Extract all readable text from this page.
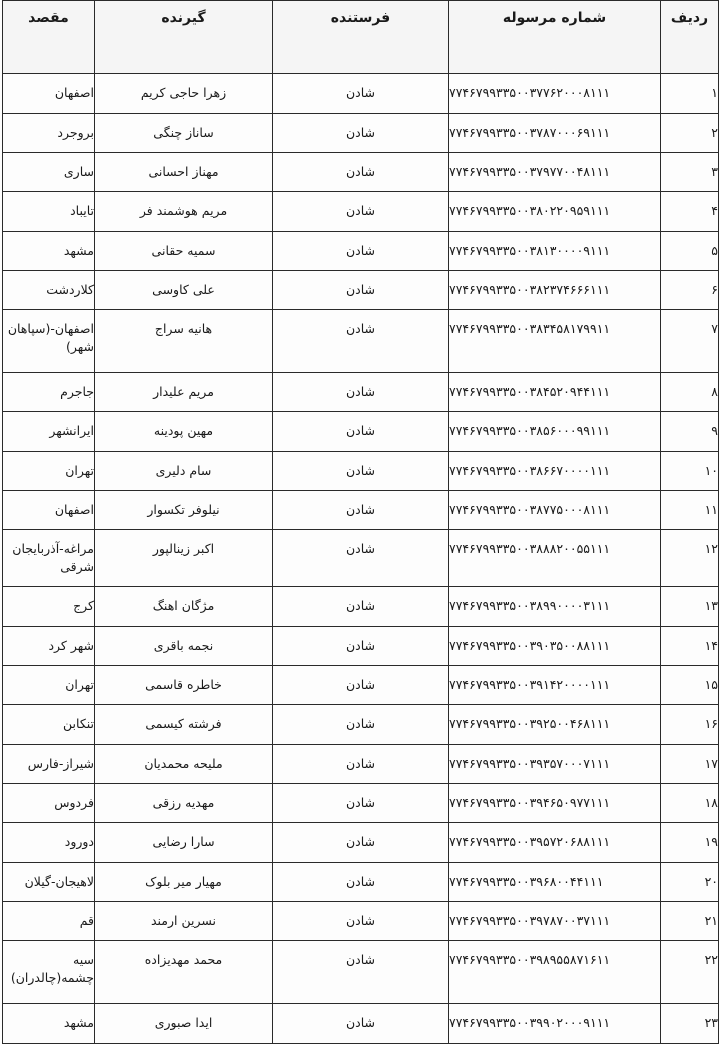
ردیف	شماره مرسوله	فرستنده	گیرنده	مقصد
۱	۷۷۴۶۷۹۹۳۳۵۰۰۳۷۷۶۲۰۰۰۸۱۱۱	شادن	زهرا حاجی کریم	اصفهان
۲	۷۷۴۶۷۹۹۳۳۵۰۰۳۷۸۷۰۰۰۶۹۱۱۱	شادن	ساناز چنگی	بروجرد
۳	۷۷۴۶۷۹۹۳۳۵۰۰۳۷۹۷۷۰۰۴۸۱۱۱	شادن	مهناز احسانی	ساری
۴	۷۷۴۶۷۹۹۳۳۵۰۰۳۸۰۲۲۰۹۵۹۱۱۱	شادن	مریم هوشمند فر	تایباد
۵	۷۷۴۶۷۹۹۳۳۵۰۰۳۸۱۳۰۰۰۰۹۱۱۱	شادن	سمیه حقانی	مشهد
۶	۷۷۴۶۷۹۹۳۳۵۰۰۳۸۲۳۷۴۶۶۶۱۱۱	شادن	علی کاوسی	کلاردشت
۷	۷۷۴۶۷۹۹۳۳۵۰۰۳۸۳۴۵۸۱۷۹۹۱۱	شادن	هانیه سراج	اصفهان-(سپاهان شهر)
۸	۷۷۴۶۷۹۹۳۳۵۰۰۳۸۴۵۲۰۹۴۴۱۱۱	شادن	مریم علیدار	جاجرم
۹	۷۷۴۶۷۹۹۳۳۵۰۰۳۸۵۶۰۰۰۹۹۱۱۱	شادن	مهین پودینه	ایرانشهر
۱۰	۷۷۴۶۷۹۹۳۳۵۰۰۳۸۶۶۷۰۰۰۰۱۱۱	شادن	سام دلیری	تهران
۱۱	۷۷۴۶۷۹۹۳۳۵۰۰۳۸۷۷۵۰۰۰۸۱۱۱	شادن	نیلوفر تکسوار	اصفهان
۱۲	۷۷۴۶۷۹۹۳۳۵۰۰۳۸۸۸۲۰۰۵۵۱۱۱	شادن	اکبر زینالپور	مراغه-آذربایجان شرقی
۱۳	۷۷۴۶۷۹۹۳۳۵۰۰۳۸۹۹۰۰۰۰۳۱۱۱	شادن	مژگان اهنگ	کرج
۱۴	۷۷۴۶۷۹۹۳۳۵۰۰۳۹۰۳۵۰۰۸۸۱۱۱	شادن	نجمه باقری	شهر کرد
۱۵	۷۷۴۶۷۹۹۳۳۵۰۰۳۹۱۴۲۰۰۰۰۱۱۱	شادن	خاطره قاسمی	تهران
۱۶	۷۷۴۶۷۹۹۳۳۵۰۰۳۹۲۵۰۰۴۶۸۱۱۱	شادن	فرشته کیسمی	تنکابن
۱۷	۷۷۴۶۷۹۹۳۳۵۰۰۳۹۳۵۷۰۰۰۷۱۱۱	شادن	ملیحه محمدیان	شیراز-فارس
۱۸	۷۷۴۶۷۹۹۳۳۵۰۰۳۹۴۶۵۰۹۷۷۱۱۱	شادن	مهدیه رزقی	فردوس
۱۹	۷۷۴۶۷۹۹۳۳۵۰۰۳۹۵۷۲۰۶۸۸۱۱۱	شادن	سارا رضایی	دورود
۲۰	۷۷۴۶۷۹۹۳۳۵۰۰۳۹۶۸۰۰۴۴۱۱۱	شادن	مهیار میر بلوک	لاهیجان-گیلان
۲۱	۷۷۴۶۷۹۹۳۳۵۰۰۳۹۷۸۷۰۰۳۷۱۱۱	شادن	نسرین ارمند	قم
۲۲	۷۷۴۶۷۹۹۳۳۵۰۰۳۹۸۹۵۵۸۷۱۶۱۱	شادن	محمد مهدیزاده	سیه چشمه(چالدران)
۲۳	۷۷۴۶۷۹۹۳۳۵۰۰۳۹۹۰۲۰۰۰۹۱۱۱	شادن	ایدا صبوری	مشهد
